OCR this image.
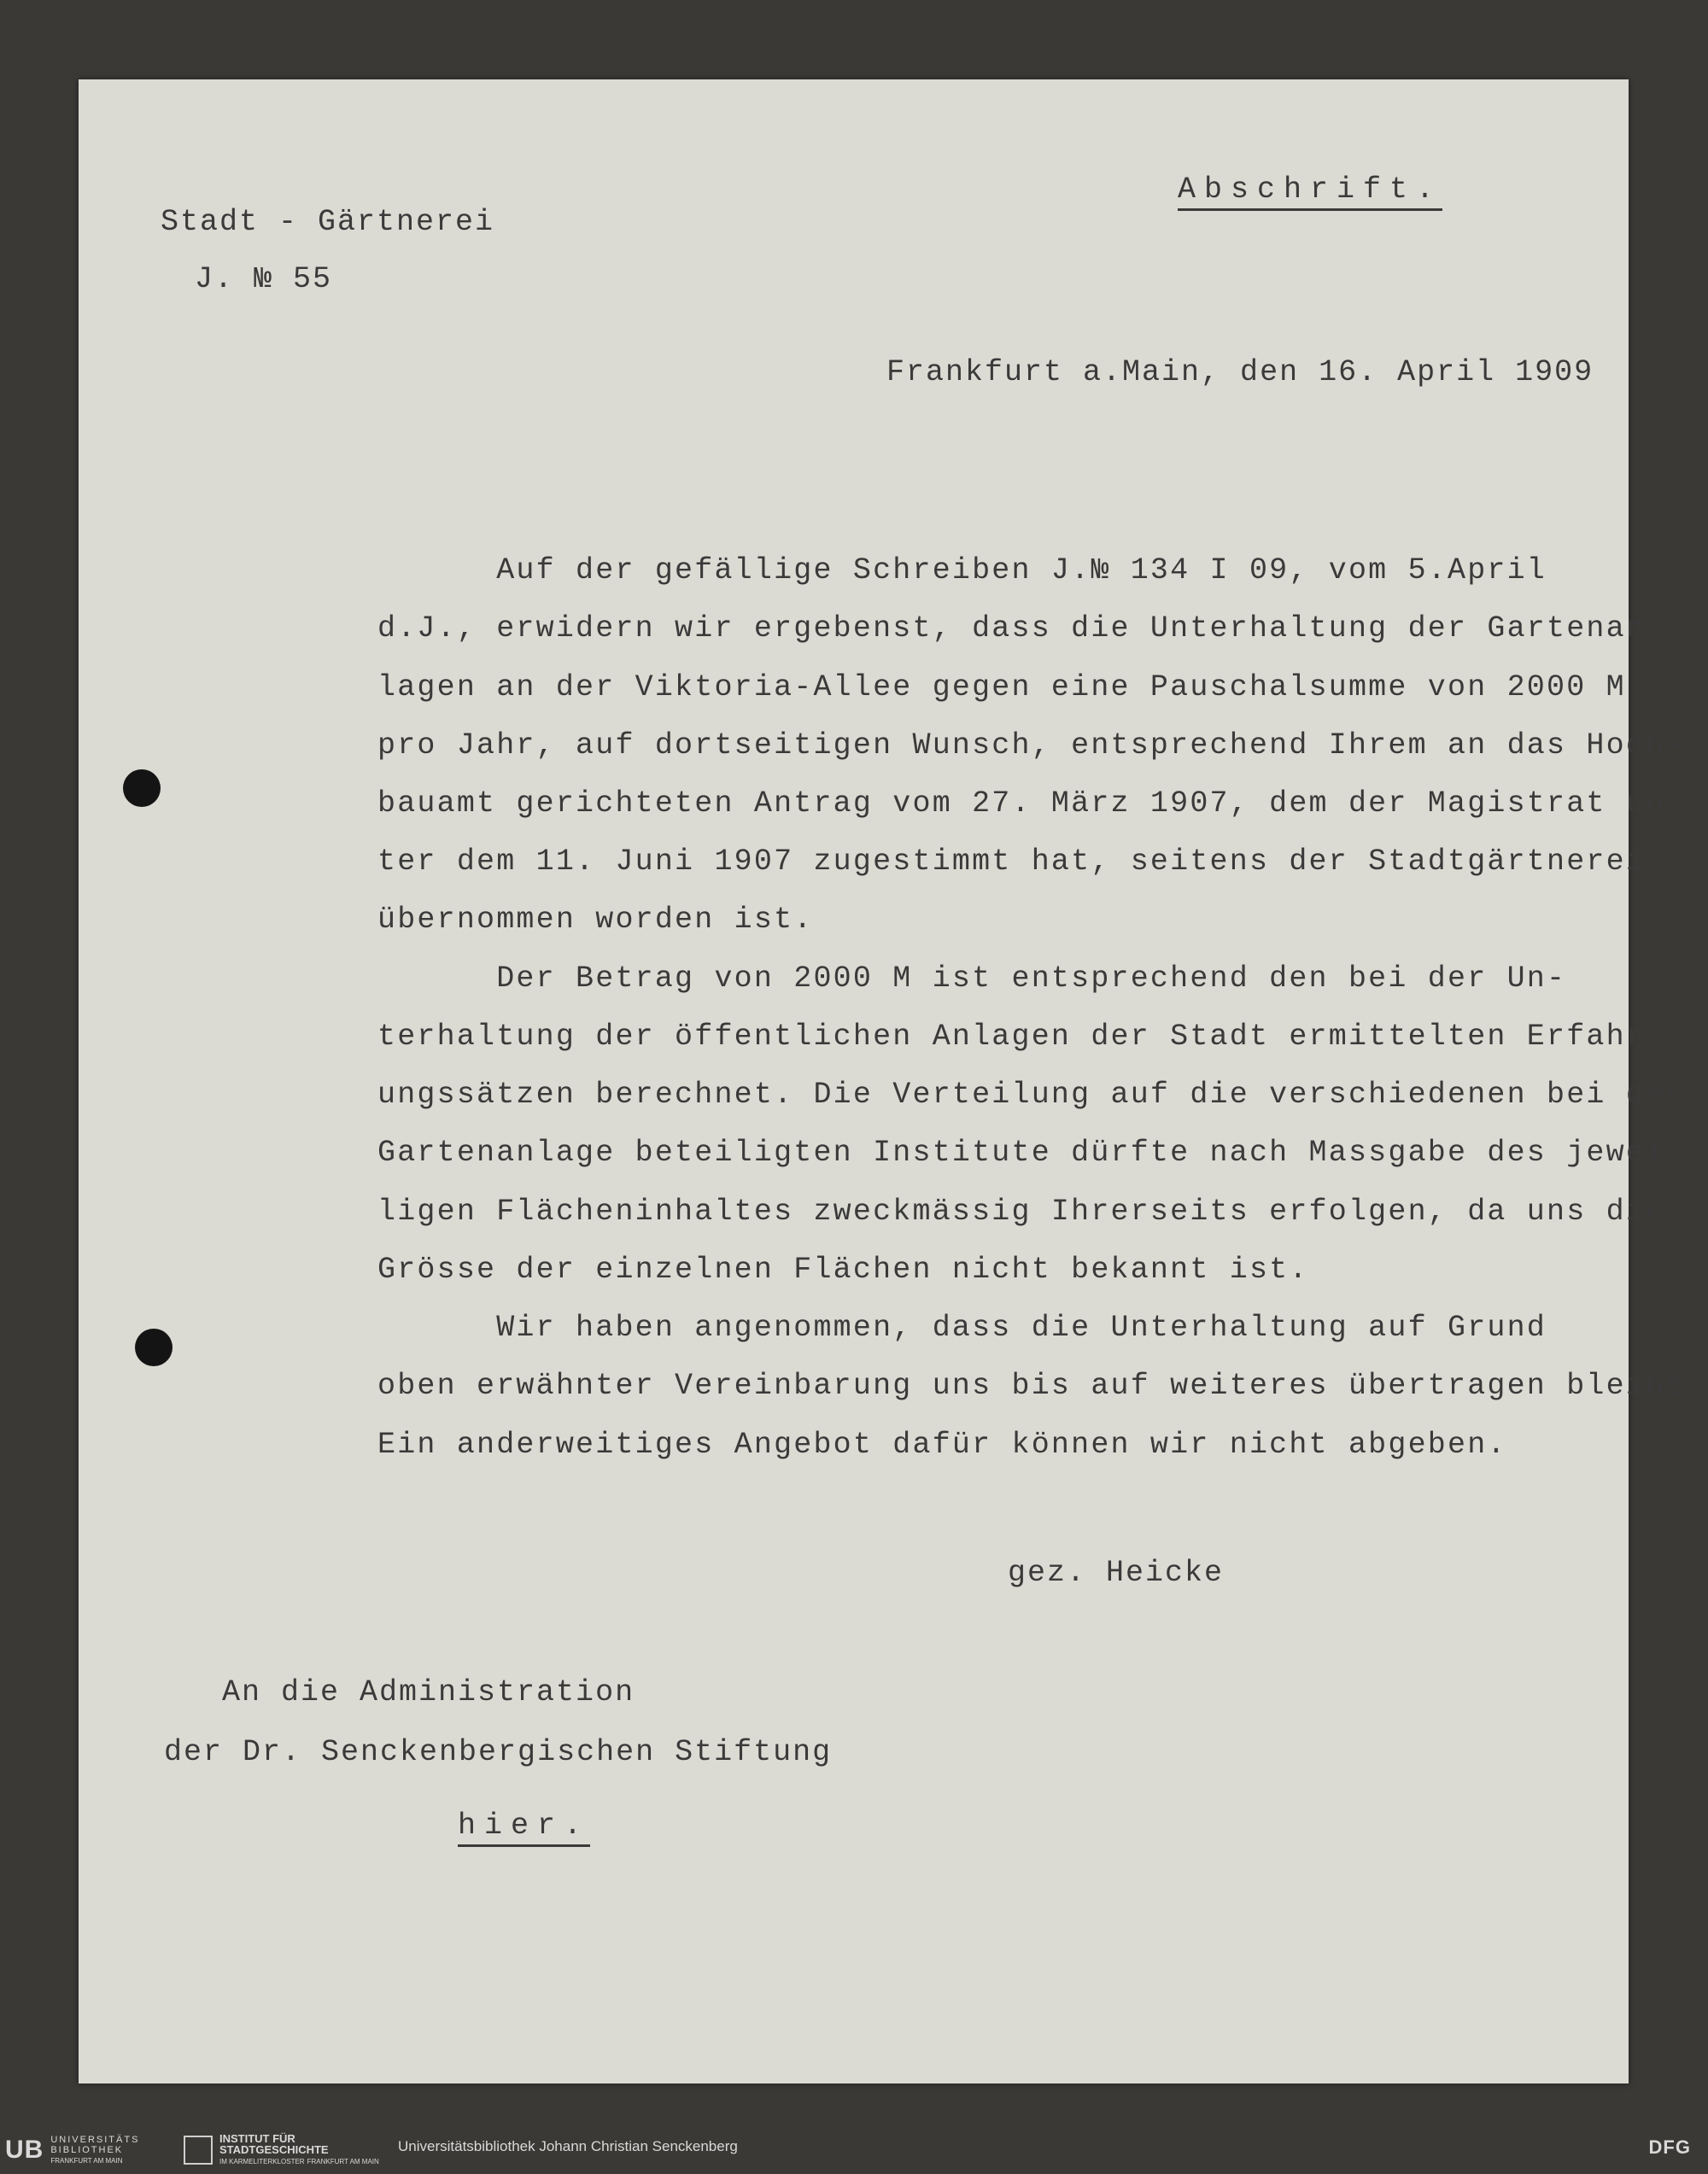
Abschrift.
Stadt - Gärtnerei
J. № 55
Frankfurt a.Main, den 16. April 1909
Auf der gefällige Schreiben J.№ 134 I 09, vom 5.April
d.J., erwidern wir ergebenst, dass die Unterhaltung der Gartenan-
lagen an der Viktoria-Allee gegen eine Pauschalsumme von 2000 M
pro Jahr, auf dortseitigen Wunsch, entsprechend Ihrem an das Hoch-
bauamt gerichteten Antrag vom 27. März 1907, dem der Magistrat un-
ter dem 11. Juni 1907 zugestimmt hat, seitens der Stadtgärtnerei
übernommen worden ist.
Der Betrag von 2000 M ist entsprechend den bei der Un-
terhaltung der öffentlichen Anlagen der Stadt ermittelten Erfahr-
ungssätzen berechnet. Die Verteilung auf die verschiedenen bei der
Gartenanlage beteiligten Institute dürfte nach Massgabe des jewei-
ligen Flächeninhaltes zweckmässig Ihrerseits erfolgen, da uns die
Grösse der einzelnen Flächen nicht bekannt ist.
Wir haben angenommen, dass die Unterhaltung auf Grund
oben erwähnter Vereinbarung uns bis auf weiteres übertragen bleibt.
Ein anderweitiges Angebot dafür können wir nicht abgeben.
gez. Heicke
An die Administration
der Dr. Senckenbergischen Stiftung
hier.
UB UNIVERSITÄTS
BIBLIOTHEK
FRANKFURT AM MAIN
INSTITUT FÜR
STADTGESCHICHTE
IM KARMELITERKLOSTER FRANKFURT AM MAIN
Universitätsbibliothek Johann Christian Senckenberg	DFG
